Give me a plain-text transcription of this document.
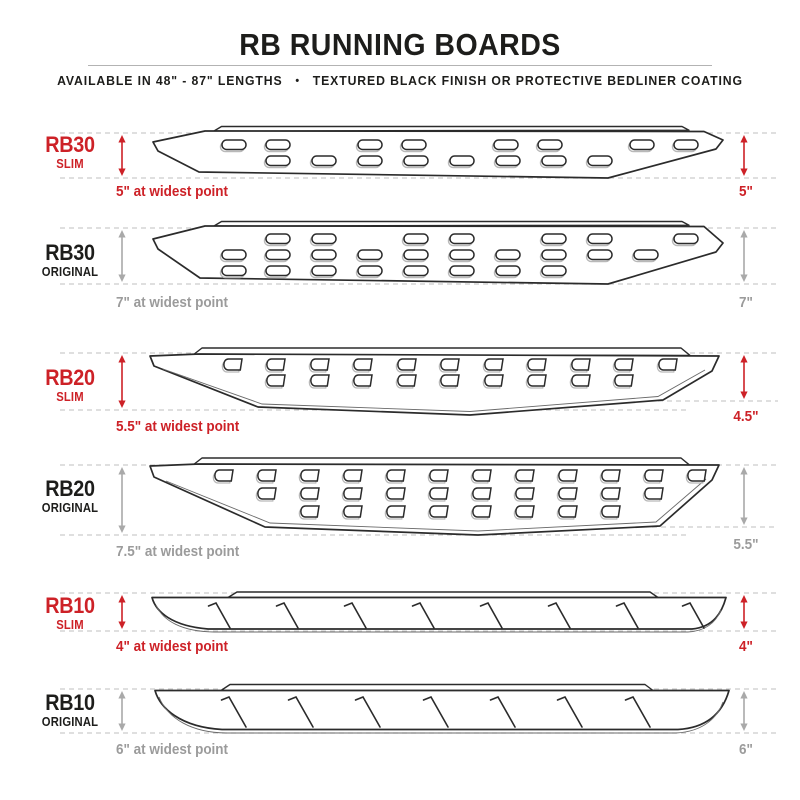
RB RUNNING BOARDS
AVAILABLE IN 48" - 87" LENGTHS • TEXTURED BLACK FINISH OR PROTECTIVE BEDLINER COATING
RB30
SLIM
5" at widest point	5"
RB30
ORIGINAL
7" at widest point	7"
RB20
SLIM
5.5" at widest point
4.5"
RB20
ORIGINAL
7.5" at widest point	5.5"
RB10
SLIM
4" at widest point	4"
RB10
ORIGINAL
6" at widest point	6"
